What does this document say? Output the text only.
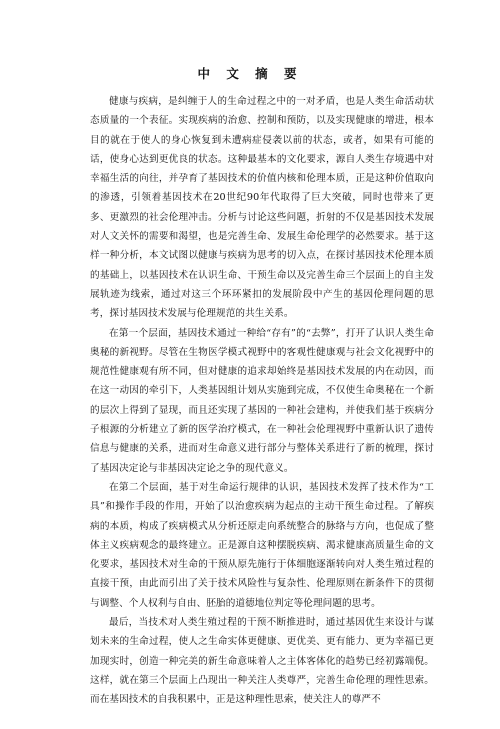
中 文 摘 要

健康与疾病，是纠缠于人的生命过程之中的一对矛盾，也是人类生命活动状态质量的一个表征。实现疾病的治愈、控制和预防，以及实现健康的增进，根本目的就在于使人的身心恢复到未遭病症侵袭以前的状态，或者，如果有可能的话，使身心达到更优良的状态。这种最基本的文化要求，源自人类生存境遇中对幸福生活的向往，并孕育了基因技术的价值内核和伦理本质，正是这种价值取向的渗透，引领着基因技术在20世纪90年代取得了巨大突破，同时也带来了更多、更激烈的社会伦理冲击。分析与讨论这些问题，折射的不仅是基因技术发展对人文关怀的需要和渴望，也是完善生命、发展生命伦理学的必然要求。基于这样一种分析，本文试图以健康与疾病为思考的切入点，在探讨基因技术伦理本质的基础上，以基因技术在认识生命、干预生命以及完善生命三个层面上的自主发展轨迹为线索，通过对这三个环环紧扣的发展阶段中产生的基因伦理问题的思考，探讨基因技术发展与伦理规范的共生关系。

在第一个层面，基因技术通过一种给“存有”的“去弊”，打开了认识人类生命奥秘的新视野。尽管在生物医学模式视野中的客观性健康观与社会文化视野中的规范性健康观有所不同，但对健康的追求却始终是基因技术发展的内在动因，而在这一动因的牵引下，人类基因组计划从实施到完成，不仅使生命奥秘在一个新的层次上得到了显现，而且还实现了基因的一种社会建构，并使我们基于疾病分子根源的分析建立了新的医学治疗模式，在一种社会伦理视野中重新认识了遗传信息与健康的关系，进而对生命意义进行部分与整体关系进行了新的梳理，探讨了基因决定论与非基因决定论之争的现代意义。

在第二个层面，基于对生命运行规律的认识，基因技术发挥了技术作为“工具”和操作手段的作用，开始了以治愈疾病为起点的主动干预生命过程。了解疾病的本质，构成了疾病模式从分析还原走向系统整合的脉络与方向，也促成了整体主义疾病观念的最终建立。正是源自这种摆脱疾病、渴求健康高质量生命的文化要求，基因技术对生命的干预从原先施行于体细胞逐渐转向对人类生殖过程的直接干预，由此而引出了关于技术风险性与复杂性、伦理原则在新条件下的贯彻与调整、个人权利与自由、胚胎的道德地位判定等伦理问题的思考。

最后，当技术对人类生殖过程的干预不断推进时，通过基因优生来设计与谋划未来的生命过程，使人之生命实体更健康、更优美、更有能力、更为幸福已更加现实时，创造一种完美的新生命意味着人之主体客体化的趋势已经初露端倪。这样，就在第三个层面上凸现出一种关注人类尊严，完善生命伦理的理性思索。而在基因技术的自我积累中，正是这种理性思索，使关注人的尊严不
